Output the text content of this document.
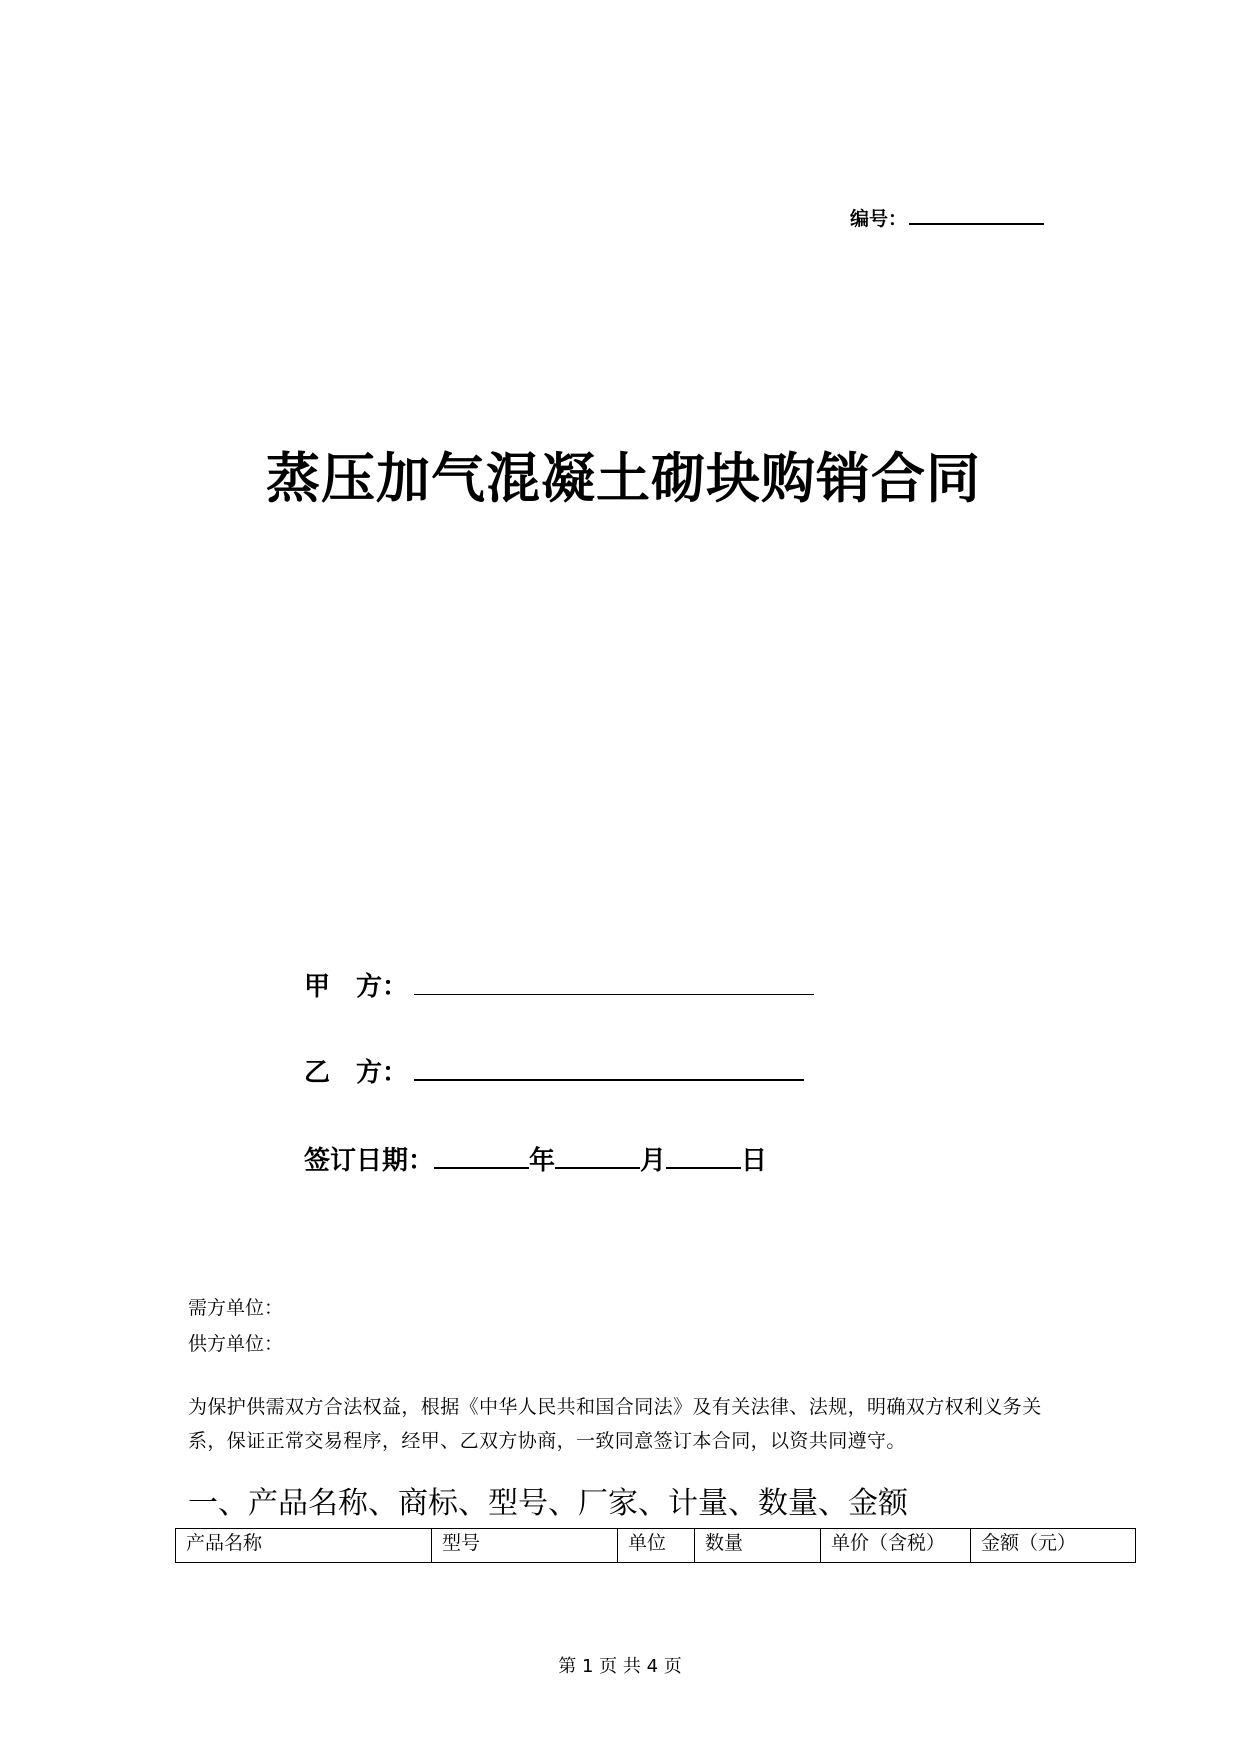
编号：
蒸压加气混凝土砌块购销合同
甲　方：
乙　方：
签订日期：	年	月	日
需方单位：
供方单位：
为保护供需双方合法权益，根据《中华人民共和国合同法》及有关法律、法规，明确双方权利义务关系，保证正常交易程序，经甲、乙双方协商，一致同意签订本合同，以资共同遵守。
一、产品名称、商标、型号、厂家、计量、数量、金额
产品名称	型号	单位	数量	单价（含税）	金额（元）
第 1 页 共 4 页
